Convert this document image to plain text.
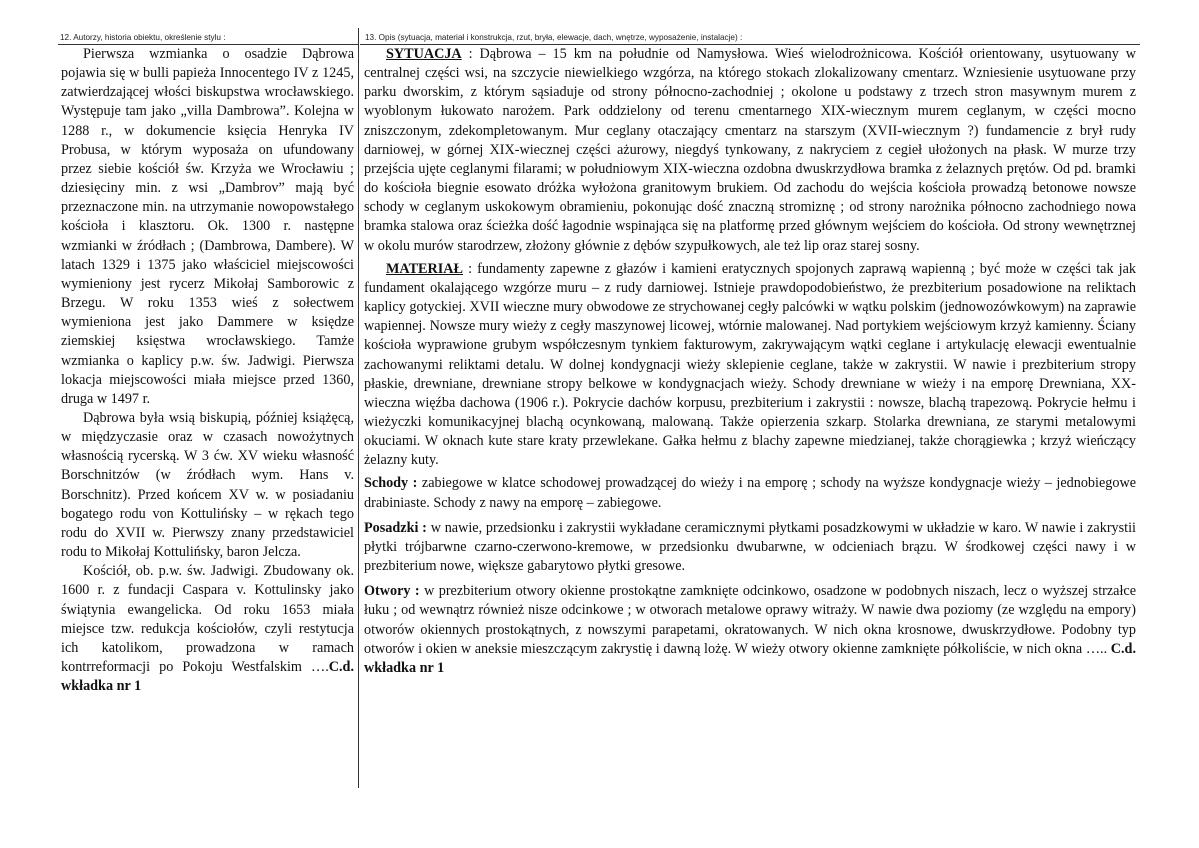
12. Autorzy, historia obiektu, określenie stylu :	13. Opis (sytuacja, materiał i konstrukcja, rzut, bryła, elewacje, dach, wnętrze, wyposażenie, instalacje) :

Pierwsza wzmianka o osadzie Dąbrowa pojawia się w bulli papieża Innocentego IV z 1245, zatwierdzającej włości biskupstwa wrocławskiego. Występuje tam jako „villa Dambrowa”. Kolejna w 1288 r., w dokumencie księcia Henryka IV Probusa, w którym wyposaża on ufundowany przez siebie kościół św. Krzyża we Wrocławiu ; dziesięciny min. z wsi „Dambrov” mają być przeznaczone min. na utrzymanie nowopowstałego kościoła i klasztoru. Ok. 1300 r. następne wzmianki w źródłach ; (Dambrowa, Dambere). W latach 1329 i 1375 jako właściciel miejscowości wymieniony jest rycerz Mikołaj Samborowic z Brzegu. W roku 1353 wieś z sołectwem wymieniona jest jako Dammere w księdze ziemskiej księstwa wrocławskiego. Tamże wzmianka o kaplicy p.w. św. Jadwigi. Pierwsza lokacja miejscowości miała miejsce przed 1360, druga w 1497 r.

Dąbrowa była wsią biskupią, później książęcą, w międzyczasie oraz w czasach nowożytnych własnością rycerską. W 3 ćw. XV wieku własność Borschnitzów (w źródłach wym. Hans v. Borschnitz). Przed końcem XV w. w posiadaniu bogatego rodu von Kottulińsky – w rękach tego rodu do XVII w. Pierwszy znany przedstawiciel rodu to Mikołaj Kottulińsky, baron Jelcza.

Kościół, ob. p.w. św. Jadwigi. Zbudowany ok. 1600 r. z fundacji Caspara v. Kottulinsky jako świątynia ewangelicka. Od roku 1653 miała miejsce tzw. redukcja kościołów, czyli restytucja ich katolikom, prowadzona w ramach kontrreformacji po Pokoju Westfalskim ….C.d. wkładka nr 1

SYTUACJA : Dąbrowa – 15 km na południe od Namysłowa. Wieś wielodrożnicowa. Kościół orientowany, usytuowany w centralnej części wsi, na szczycie niewielkiego wzgórza, na którego stokach zlokalizowany cmentarz. Wzniesienie usytuowane przy parku dworskim, z którym sąsiaduje od strony północno-zachodniej ; okolone u podstawy z trzech stron masywnym murem z wyoblonym łukowato narożem. Park oddzielony od terenu cmentarnego XIX-wiecznym murem ceglanym, w części mocno zniszczonym, zdekompletowanym. Mur ceglany otaczający cmentarz na starszym (XVII-wiecznym ?) fundamencie z brył rudy darniowej, w górnej XIX-wiecznej części ażurowy, niegdyś tynkowany, z nakryciem z cegieł ułożonych na płask. W murze trzy przejścia ujęte ceglanymi filarami; w południowym XIX-wieczna ozdobna dwuskrzydłowa bramka z żelaznych prętów. Od pd. bramki do kościoła biegnie esowato dróżka wyłożona granitowym brukiem. Od zachodu do wejścia kościoła prowadzą betonowe nowsze schody w ceglanym uskokowym obramieniu, pokonując dość znaczną stromiznę ; od strony narożnika północno zachodniego nowa bramka stalowa oraz ścieżka dość łagodnie wspinająca się na platformę przed głównym wejściem do kościoła. Od strony wewnętrznej w okolu murów starodrzew, złożony głównie z dębów szypułkowych, ale też lip oraz starej sosny.

MATERIAŁ : fundamenty zapewne z głazów i kamieni eratycznych spojonych zaprawą wapienną ; być może w części tak jak fundament okalającego wzgórze muru – z rudy darniowej. Istnieje prawdopodobieństwo, że prezbiterium posadowione na reliktach kaplicy gotyckiej. XVII wieczne mury obwodowe ze strychowanej cegły palcówki w wątku polskim (jednowozówkowym) na zaprawie wapiennej. Nowsze mury wieży z cegły maszynowej licowej, wtórnie malowanej. Nad portykiem wejściowym krzyż kamienny. Ściany kościoła wyprawione grubym współczesnym tynkiem fakturowym, zakrywającym wątki ceglane i artykulację elewacji ewentualnie zachowanymi reliktami detalu. W dolnej kondygnacji wieży sklepienie ceglane, także w zakrystii. W nawie i prezbiterium stropy płaskie, drewniane, drewniane stropy belkowe w kondygnacjach wieży. Schody drewniane w wieży i na emporę Drewniana, XX-wieczna więźba dachowa (1906 r.). Pokrycie dachów korpusu, prezbiterium i zakrystii : nowsze, blachą trapezową. Pokrycie hełmu i wieżyczki komunikacyjnej blachą ocynkowaną, malowaną. Także opierzenia szkarp. Stolarka drewniana, ze starymi metalowymi okuciami. W oknach kute stare kraty przewlekane. Gałka hełmu z blachy zapewne miedzianej, także chorągiewka ; krzyż wieńczący żelazny kuty.

Schody : zabiegowe w klatce schodowej prowadzącej do wieży i na emporę ; schody na wyższe kondygnacje wieży – jednobiegowe drabiniaste. Schody z nawy na emporę – zabiegowe.

Posadzki : w nawie, przedsionku i zakrystii wykładane ceramicznymi płytkami posadzkowymi w układzie w karo. W nawie i zakrystii płytki trójbarwne czarno-czerwono-kremowe, w przedsionku dwubarwne, w odcieniach brązu. W środkowej części nawy i w prezbiterium nowe, większe gabarytowo płytki gresowe.

Otwory : w prezbiterium otwory okienne prostokątne zamknięte odcinkowo, osadzone w podobnych niszach, lecz o wyższej strzałce łuku ; od wewnątrz również nisze odcinkowe ; w otworach metalowe oprawy witraży. W nawie dwa poziomy (ze względu na empory) otworów okiennych prostokątnych, z nowszymi parapetami, okratowanych. W nich okna krosnowe, dwuskrzydłowe. Podobny typ otworów i okien w aneksie mieszczącym zakrystię i dawną lożę. W wieży otwory okienne zamknięte półkoliście, w nich okna ….. C.d. wkładka nr 1
